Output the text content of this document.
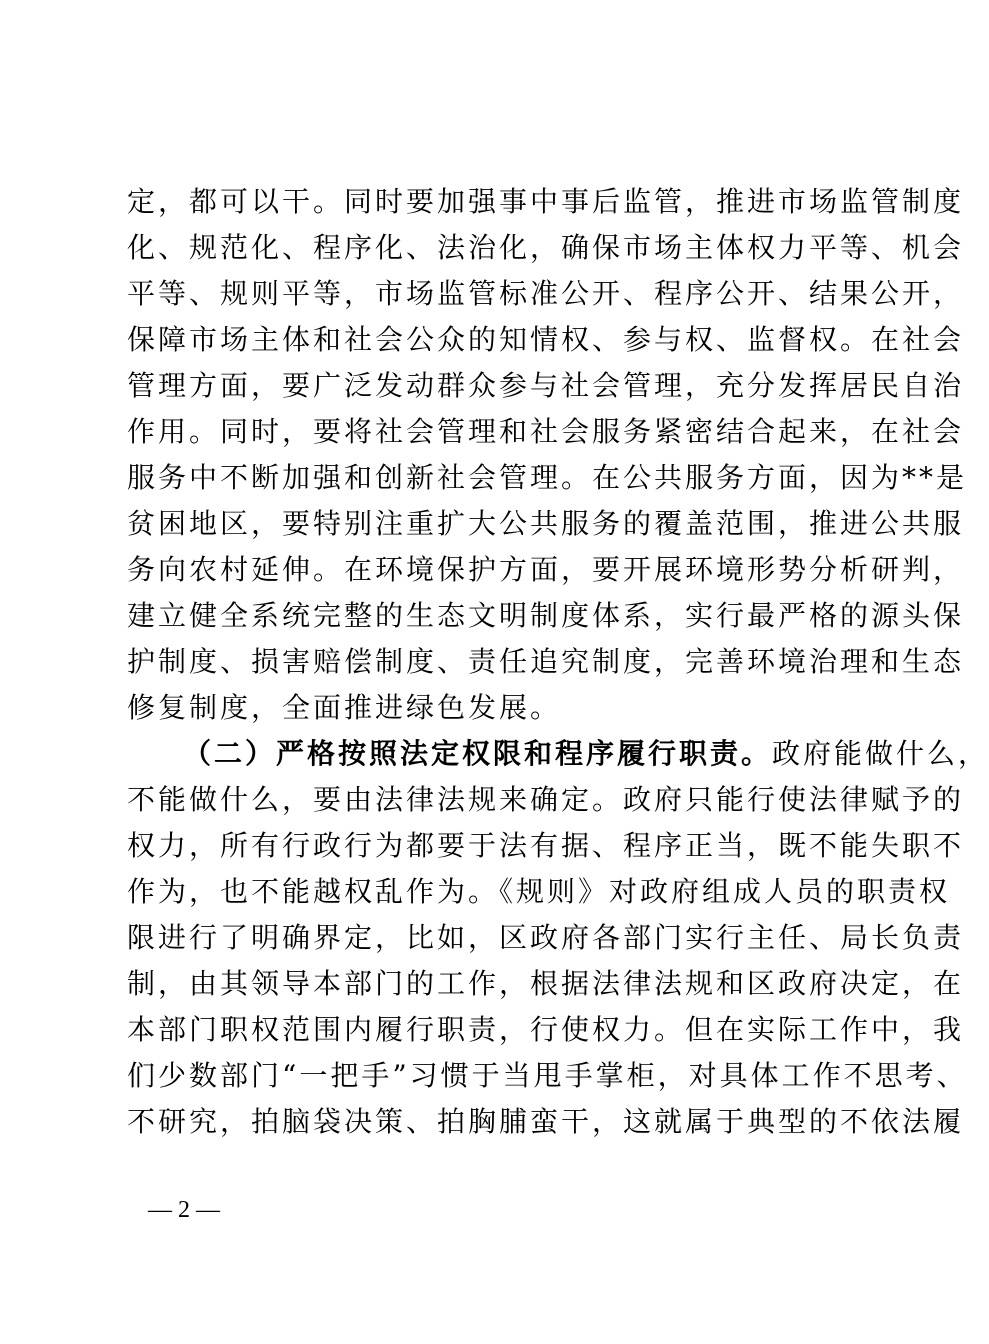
定，都可以干。同时要加强事中事后监管，推进市场监管制度
化、规范化、程序化、法治化，确保市场主体权力平等、机会
平等、规则平等，市场监管标准公开、程序公开、结果公开，
保障市场主体和社会公众的知情权、参与权、监督权。在社会
管理方面，要广泛发动群众参与社会管理，充分发挥居民自治
作用。同时，要将社会管理和社会服务紧密结合起来，在社会
服务中不断加强和创新社会管理。在公共服务方面，因为**是
贫困地区，要特别注重扩大公共服务的覆盖范围，推进公共服
务向农村延伸。在环境保护方面，要开展环境形势分析研判，
建立健全系统完整的生态文明制度体系，实行最严格的源头保
护制度、损害赔偿制度、责任追究制度，完善环境治理和生态
修复制度，全面推进绿色发展。
（二）严格按照法定权限和程序履行职责。政府能做什么，
不能做什么，要由法律法规来确定。政府只能行使法律赋予的
权力，所有行政行为都要于法有据、程序正当，既不能失职不
作为，也不能越权乱作为。《规则》对政府组成人员的职责权
限进行了明确界定，比如，区政府各部门实行主任、局长负责
制，由其领导本部门的工作，根据法律法规和区政府决定，在
本部门职权范围内履行职责，行使权力。但在实际工作中，我
们少数部门“一把手”习惯于当甩手掌柜，对具体工作不思考、
不研究，拍脑袋决策、拍胸脯蛮干，这就属于典型的不依法履
— 2 —
